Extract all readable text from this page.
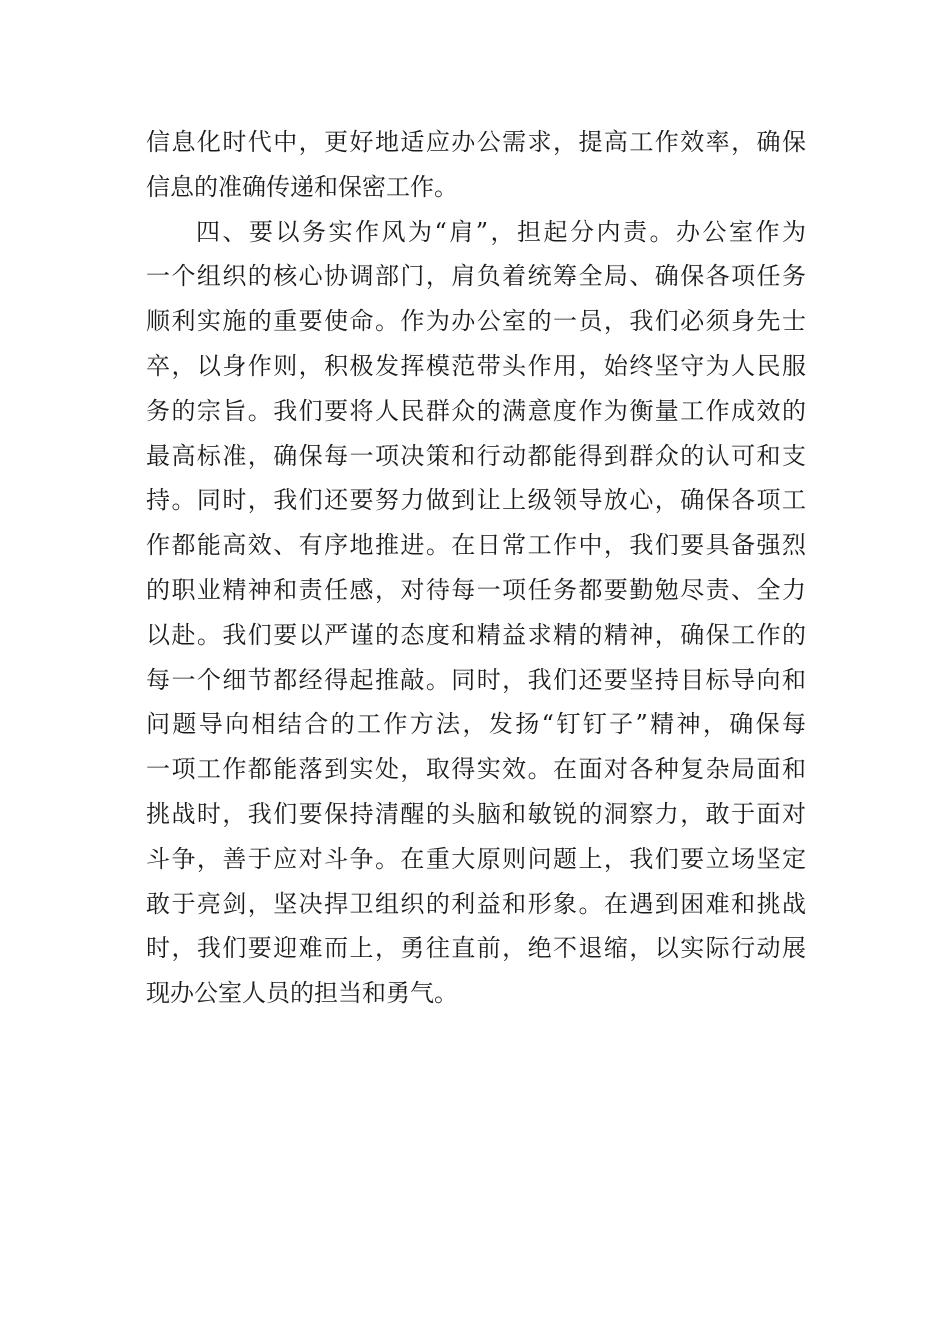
信息化时代中，更好地适应办公需求，提高工作效率，确保
信息的准确传递和保密工作。
四、要以务实作风为“肩”，担起分内责。办公室作为
一个组织的核心协调部门，肩负着统筹全局、确保各项任务
顺利实施的重要使命。作为办公室的一员，我们必须身先士
卒，以身作则，积极发挥模范带头作用，始终坚守为人民服
务的宗旨。我们要将人民群众的满意度作为衡量工作成效的
最高标准，确保每一项决策和行动都能得到群众的认可和支
持。同时，我们还要努力做到让上级领导放心，确保各项工
作都能高效、有序地推进。在日常工作中，我们要具备强烈
的职业精神和责任感，对待每一项任务都要勤勉尽责、全力
以赴。我们要以严谨的态度和精益求精的精神，确保工作的
每一个细节都经得起推敲。同时，我们还要坚持目标导向和
问题导向相结合的工作方法，发扬“钉钉子”精神，确保每
一项工作都能落到实处，取得实效。在面对各种复杂局面和
挑战时，我们要保持清醒的头脑和敏锐的洞察力，敢于面对
斗争，善于应对斗争。在重大原则问题上，我们要立场坚定
敢于亮剑，坚决捍卫组织的利益和形象。在遇到困难和挑战
时，我们要迎难而上，勇往直前，绝不退缩，以实际行动展
现办公室人员的担当和勇气。
